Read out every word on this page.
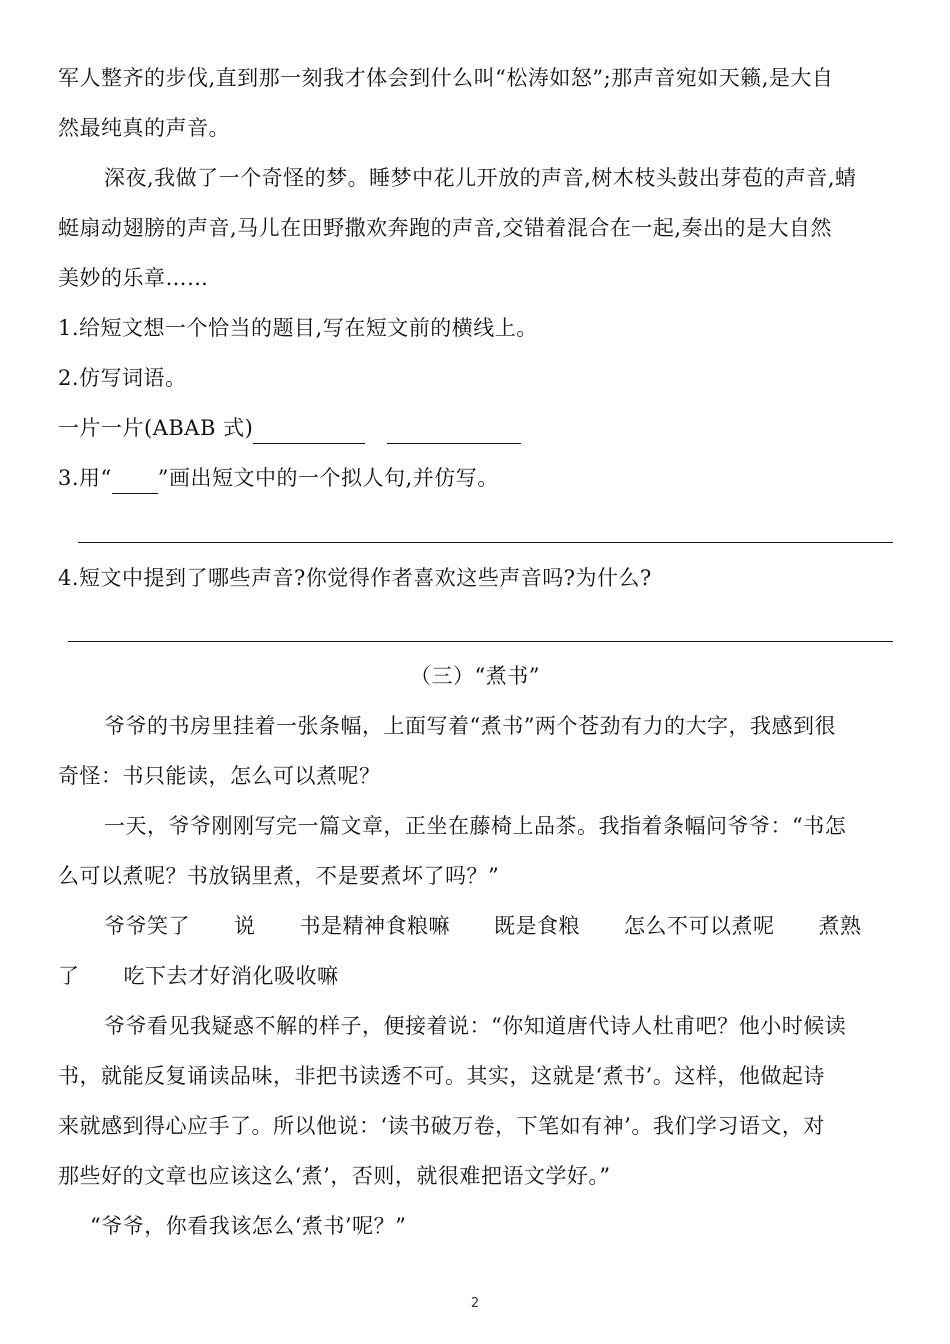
军人整齐的步伐,直到那一刻我才体会到什么叫“松涛如怒”;那声音宛如天籁,是大自
然最纯真的声音。
深夜,我做了一个奇怪的梦。睡梦中花儿开放的声音,树木枝头鼓出芽苞的声音,蜻
蜓扇动翅膀的声音,马儿在田野撒欢奔跑的声音,交错着混合在一起,奏出的是大自然
美妙的乐章……
1.给短文想一个恰当的题目,写在短文前的横线上。
2.仿写词语。
一片一片(ABAB 式)
3.用“ ”画出短文中的一个拟人句,并仿写。
4.短文中提到了哪些声音?你觉得作者喜欢这些声音吗?为什么?
（三）“煮书”
爷爷的书房里挂着一张条幅，上面写着“煮书”两个苍劲有力的大字，我感到很
奇怪：书只能读，怎么可以煮呢？
一天，爷爷刚刚写完一篇文章，正坐在藤椅上品茶。我指着条幅问爷爷：“书怎
么可以煮呢？书放锅里煮，不是要煮坏了吗？”
爷爷笑了 说 书是精神食粮嘛 既是食粮 怎么不可以煮呢 煮熟
了 吃下去才好消化吸收嘛
爷爷看见我疑惑不解的样子，便接着说：“你知道唐代诗人杜甫吧？他小时候读
书，就能反复诵读品味，非把书读透不可。其实，这就是‘煮书’。这样，他做起诗
来就感到得心应手了。所以他说：‘读书破万卷，下笔如有神’。我们学习语文，对
那些好的文章也应该这么‘煮’，否则，就很难把语文学好。”
“爷爷，你看我该怎么‘煮书’呢？”
2
